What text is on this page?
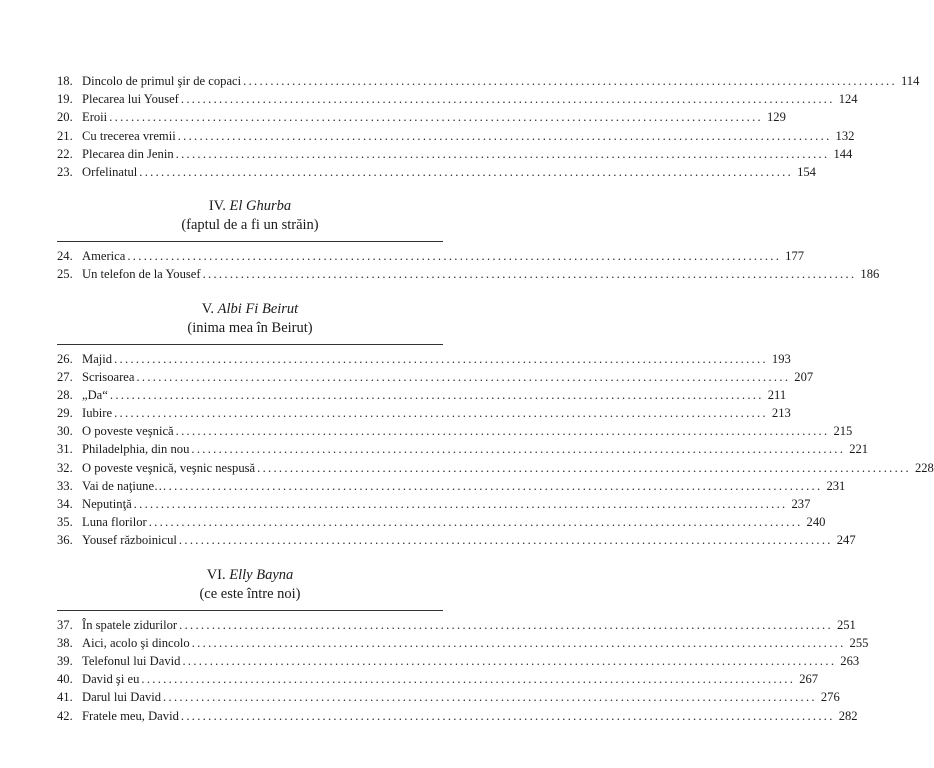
18. Dincolo de primul şir de copaci ........................................................................................................................ 114
19. Plecarea lui Yousef ........................................................................................................................ 124
20. Eroii ........................................................................................................................ 129
21. Cu trecerea vremii ........................................................................................................................ 132
22. Plecarea din Jenin ........................................................................................................................ 144
23. Orfelinatul ........................................................................................................................ 154
IV. El Ghurba
(faptul de a fi un străin)
24. America ........................................................................................................................ 177
25. Un telefon de la Yousef ........................................................................................................................ 186
V. Albi Fi Beirut
(inima mea în Beirut)
26. Majid ........................................................................................................................ 193
27. Scrisoarea ........................................................................................................................ 207
28. „Da“ ........................................................................................................................ 211
29. Iubire ........................................................................................................................ 213
30. O poveste veşnică ........................................................................................................................ 215
31. Philadelphia, din nou ........................................................................................................................ 221
32. O poveste veşnică, veşnic nespusă ........................................................................................................................ 228
33. Vai de naţiune… ........................................................................................................................ 231
34. Neputinţă ........................................................................................................................ 237
35. Luna florilor ........................................................................................................................ 240
36. Yousef războinicul ........................................................................................................................ 247
VI. Elly Bayna
(ce este între noi)
37. În spatele zidurilor ........................................................................................................................ 251
38. Aici, acolo şi dincolo ........................................................................................................................ 255
39. Telefonul lui David ........................................................................................................................ 263
40. David şi eu ........................................................................................................................ 267
41. Darul lui David ........................................................................................................................ 276
42. Fratele meu, David ........................................................................................................................ 282
